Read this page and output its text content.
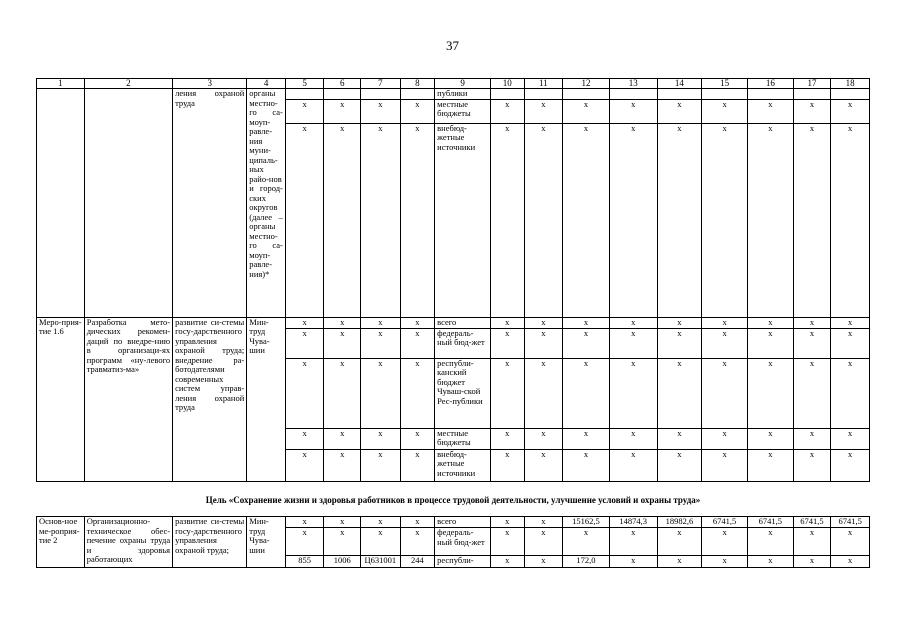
37
1	2	3	4	5	6	7	8	9	10	11	12	13	14	15	16	17	18
		ления охраной труда	органы местно-го са-моуп-равле-ния муни-ципаль-ных райо-нов и город-ских округов (далее – органы местно-го са-моуп-равле-ния)*					публики									
				x	x	x	x	местные бюджеты	x	x	x	x	x	x	x	x	x
				x	x	x	x	внебюд-жетные источники	x	x	x	x	x	x	x	x	x
Меро-прия-тие 1.6	Разработка мето-дических рекомен-даций по внедре-нию в организаци-ях программ «ну-левого травматиз-ма»	развитие си-стемы госу-дарственного управления охраной труда; внедрение ра-ботодателями современных систем управ-ления охраной труда	Мин-труд Чува-шии	x	x	x	x	всего	x	x	x	x	x	x	x	x	x
				x	x	x	x	федераль-ный бюд-жет	x	x	x	x	x	x	x	x	x
				x	x	x	x	республи-канский бюджет Чуваш-ской Рес-публики	x	x	x	x	x	x	x	x	x
				x	x	x	x	местные бюджеты	x	x	x	x	x	x	x	x	x
				x	x	x	x	внебюд-жетные источники	x	x	x	x	x	x	x	x	x
Цель «Сохранение жизни и здоровья работников в процессе трудовой деятельности, улучшение условий и охраны труда»
Основ-ное ме-роприя-тие 2	Организационно-техническое обес-печение охраны труда и здоровья работающих	развитие си-стемы госу-дарственного управления охраной труда;	Мин-труд Чува-шии	x	x	x	x	всего	x	x	15162,5	14874,3	18982,6	6741,5	6741,5	6741,5	6741,5
				x	x	x	x	федераль-ный бюд-жет	x	x	x	x	x	x	x	x	x
				855	1006	Ц631001	244	республи-	x	x	172,0	x	x	x	x	x	x
